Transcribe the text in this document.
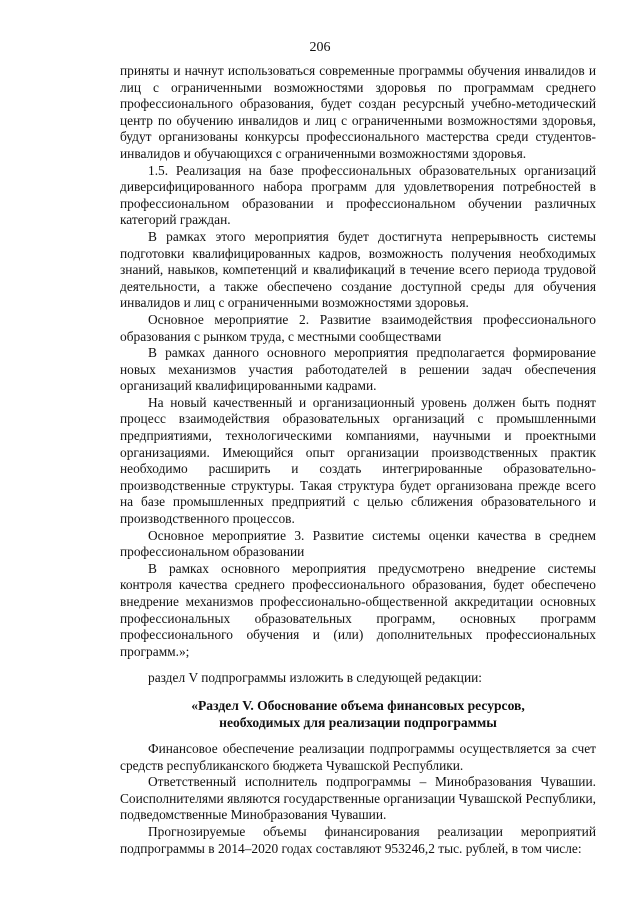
206

приняты и начнут использоваться современные программы обучения инвалидов и лиц с ограниченными возможностями здоровья по программам среднего профессионального образования, будет создан ресурсный учебно-методический центр по обучению инвалидов и лиц с ограниченными возможностями здоровья, будут организованы конкурсы профессионального мастерства среди студентов-инвалидов и обучающихся с ограниченными возможностями здоровья.

1.5. Реализация на базе профессиональных образовательных организаций диверсифицированного набора программ для удовлетворения потребностей в профессиональном образовании и профессиональном обучении различных категорий граждан.

В рамках этого мероприятия будет достигнута непрерывность системы подготовки квалифицированных кадров, возможность получения необходимых знаний, навыков, компетенций и квалификаций в течение всего периода трудовой деятельности, а также обеспечено создание доступной среды для обучения инвалидов и лиц с ограниченными возможностями здоровья.

Основное мероприятие 2. Развитие взаимодействия профессионального образования с рынком труда, с местными сообществами

В рамках данного основного мероприятия предполагается формирование новых механизмов участия работодателей в решении задач обеспечения организаций квалифицированными кадрами.

На новый качественный и организационный уровень должен быть поднят процесс взаимодействия образовательных организаций с промышленными предприятиями, технологическими компаниями, научными и проектными организациями. Имеющийся опыт организации производственных практик необходимо расширить и создать интегрированные образовательно-производственные структуры. Такая структура будет организована прежде всего на базе промышленных предприятий с целью сближения образовательного и производственного процессов.

Основное мероприятие 3. Развитие системы оценки качества в среднем профессиональном образовании

В рамках основного мероприятия предусмотрено внедрение системы контроля качества среднего профессионального образования, будет обеспечено внедрение механизмов профессионально-общественной аккредитации основных профессиональных образовательных программ, основных программ профессионального обучения и (или) дополнительных профессиональных программ.»;

раздел V подпрограммы изложить в следующей редакции:

«Раздел V. Обоснование объема финансовых ресурсов,

необходимых для реализации подпрограммы

Финансовое обеспечение реализации подпрограммы осуществляется за счет средств республиканского бюджета Чувашской Республики.

Ответственный исполнитель подпрограммы – Минобразования Чувашии. Соисполнителями являются государственные организации Чувашской Республики, подведомственные Минобразования Чувашии.

Прогнозируемые объемы финансирования реализации мероприятий подпрограммы в 2014–2020 годах составляют 953246,2 тыс. рублей, в том числе:
